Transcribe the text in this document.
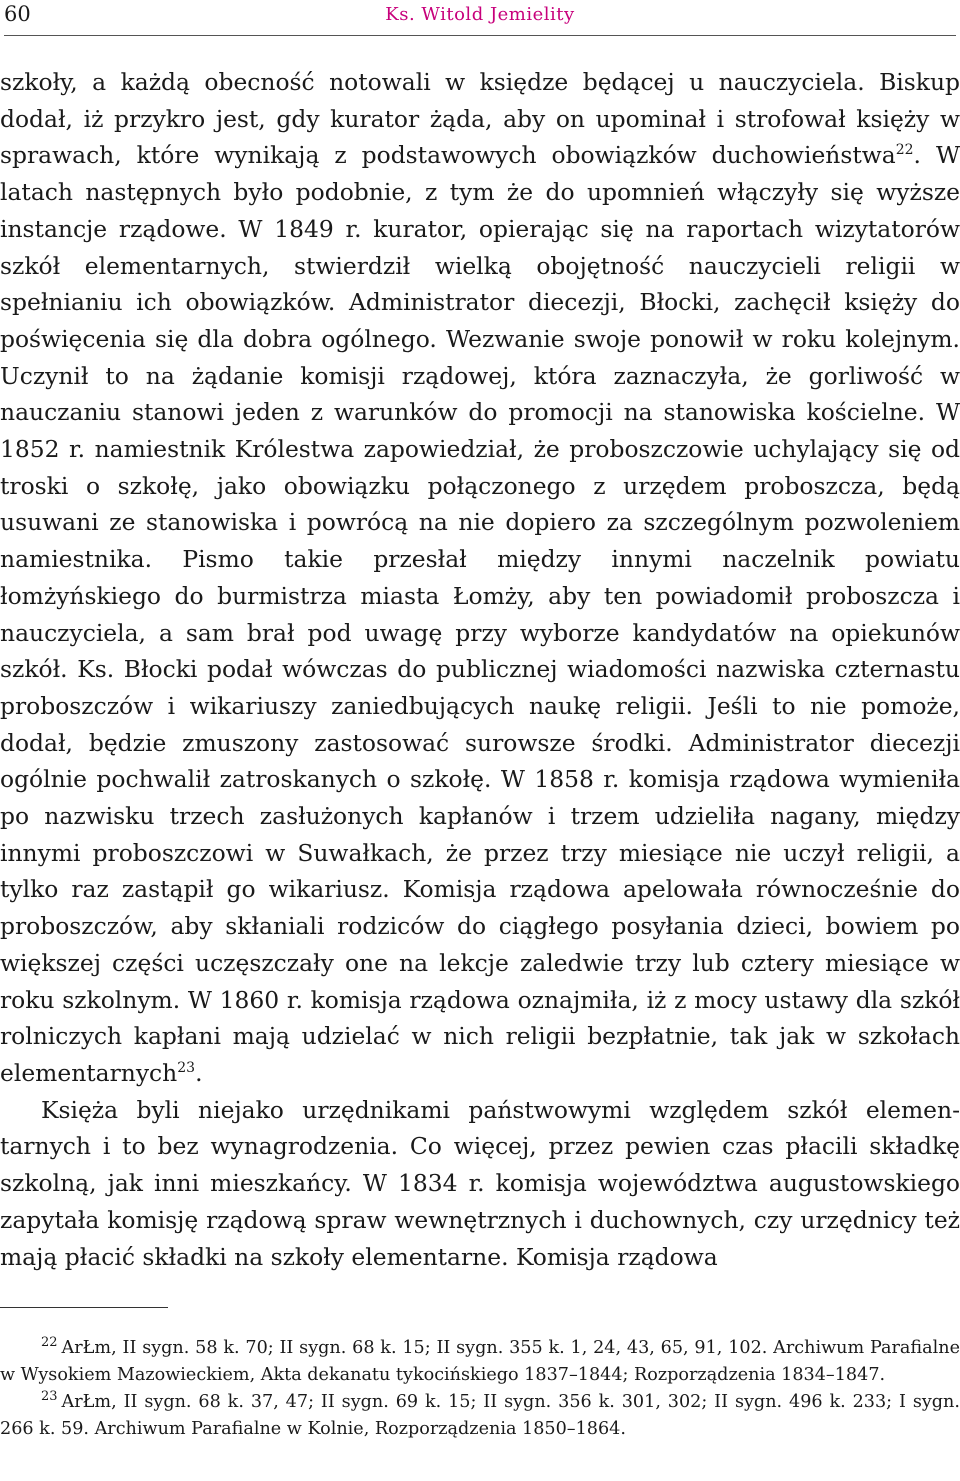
60	Ks. Witold Jemielity

szkoły, a każdą obecność notowali w księdze będącej u nauczyciela. Biskup dodał, iż przykro jest, gdy kurator żąda, aby on upominał i strofował księży w sprawach, które wynikają z podstawowych obowiązków duchowieństwa$^{22}$. W latach następnych było podobnie, z tym że do upomnień włączyły się wyższe instancje rządowe. W 1849 r. kurator, opierając się na raportach wizytatorów szkół elementarnych, stwierdził wielką obojętność nauczycieli religii w spełnianiu ich obowiązków. Administrator diecezji, Błocki, zachęcił księży do poświęcenia się dla dobra ogólnego. Wezwanie swoje ponowił w roku kolejnym. Uczynił to na żądanie komisji rządowej, która zaznaczyła, że gorliwość w nauczaniu stanowi jeden z warunków do promocji na stanowiska kościelne. W 1852 r. namiestnik Królestwa zapowiedział, że proboszczowie uchylający się od troski o szkołę, jako obowiązku połączonego z urzędem proboszcza, będą usuwani ze stanowiska i powrócą na nie dopiero za szczególnym pozwoleniem namiestnika. Pismo takie przesłał między innymi naczelnik powiatu łomżyńskiego do burmistrza miasta Łomży, aby ten powiadomił proboszcza i nauczyciela, a sam brał pod uwagę przy wyborze kandydatów na opiekunów szkół. Ks. Błocki podał wówczas do publicznej wiadomości nazwiska czternastu proboszczów i wikariuszy zaniedbujących naukę religii. Jeśli to nie pomoże, dodał, będzie zmuszony zastosować surowsze środki. Administrator diecezji ogólnie pochwalił zatroskanych o szkołę. W 1858 r. komisja rządowa wymieniła po nazwisku trzech zasłużonych kapłanów i trzem udzieliła nagany, między innymi proboszczowi w Suwałkach, że przez trzy miesiące nie uczył religii, a tylko raz zastąpił go wikariusz. Komisja rządowa apelowała równocześnie do proboszczów, aby skłaniali rodziców do ciągłego posyłania dzieci, bowiem po większej części uczęszczały one na lekcje zaledwie trzy lub cztery miesiące w roku szkolnym. W 1860 r. komisja rządowa oznajmiła, iż z mocy ustawy dla szkół rolniczych kapłani mają udzielać w nich religii bezpłatnie, tak jak w szkołach elementarnych$^{23}$.

Księża byli niejako urzędnikami państwowymi względem szkół elementarnych i to bez wynagrodzenia. Co więcej, przez pewien czas płacili składkę szkolną, jak inni mieszkańcy. W 1834 r. komisja województwa augustowskiego zapytała komisję rządową spraw wewnętrznych i duchownych, czy urzędnicy też mają płacić składki na szkoły elementarne. Komisja rządowa

$^{22}$ ArŁm, II sygn. 58 k. 70; II sygn. 68 k. 15; II sygn. 355 k. 1, 24, 43, 65, 91, 102. Archiwum Parafialne w Wysokiem Mazowieckiem, Akta dekanatu tykocińskiego 1837–1844; Rozporządzenia 1834–1847.

$^{23}$ ArŁm, II sygn. 68 k. 37, 47; II sygn. 69 k. 15; II sygn. 356 k. 301, 302; II sygn. 496 k. 233; I sygn. 266 k. 59. Archiwum Parafialne w Kolnie, Rozporządzenia 1850–1864.
